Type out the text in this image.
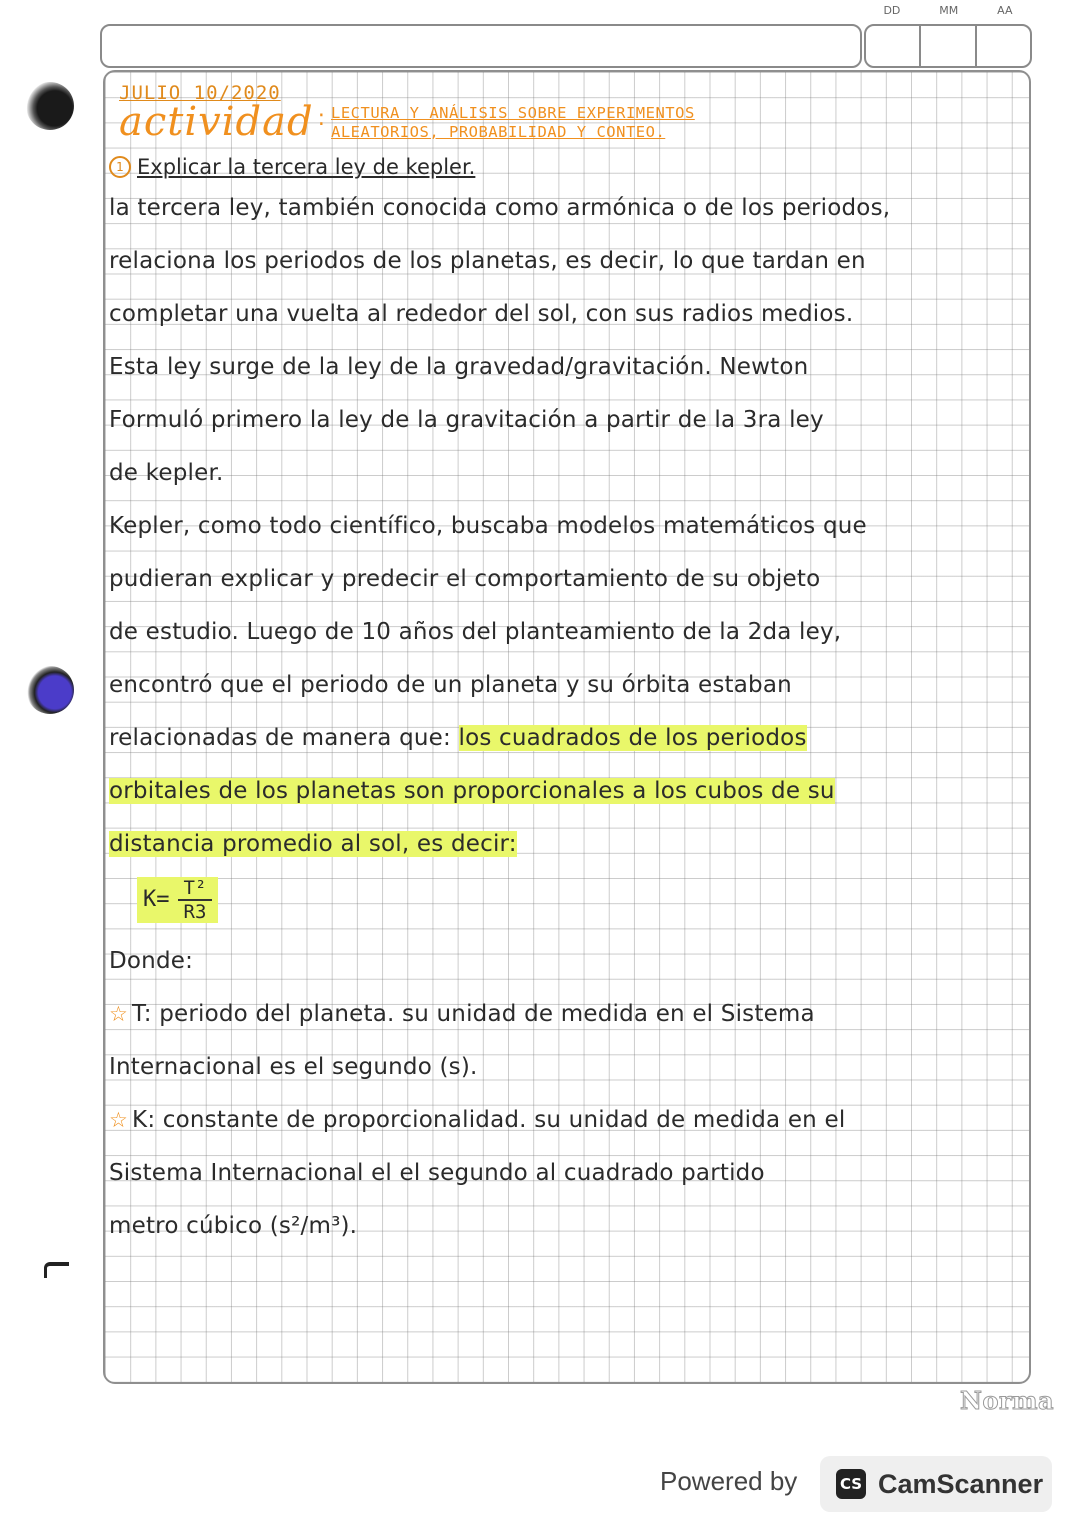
DD	MM	AA
JULIO 10/2020
actividad : LECTURA Y ANÁLISIS SOBRE EXPERIMENTOS
ALEATORIOS, PROBABILIDAD Y CONTEO.
1 Explicar la tercera ley de kepler.
la tercera ley, también conocida como armónica o de los periodos,
relaciona los periodos de los planetas, es decir, lo que tardan en
completar una vuelta al rededor del sol, con sus radios medios.
Esta ley surge de la ley de la gravedad/gravitación. Newton
Formuló primero la ley de la gravitación a partir de la 3ra ley
de kepler.
Kepler, como todo científico, buscaba modelos matemáticos que
pudieran explicar y predecir el comportamiento de su objeto
de estudio. Luego de 10 años del planteamiento de la 2da ley,
encontró que el periodo de un planeta y su órbita estaban
relacionadas de manera que: los cuadrados de los periodos
orbitales de los planetas son proporcionales a los cubos de su
distancia promedio al sol, es decir:
$K= \frac{\text{T²}}{R3}$
Donde:
☆ T: periodo del planeta. su unidad de medida en el Sistema
Internacional es el segundo (s).
☆ K: constante de proporcionalidad. su unidad de medida en el
Sistema Internacional el el segundo al cuadrado partido
metro cúbico (s²/m³).
Norma
Powered by	CS CamScanner
